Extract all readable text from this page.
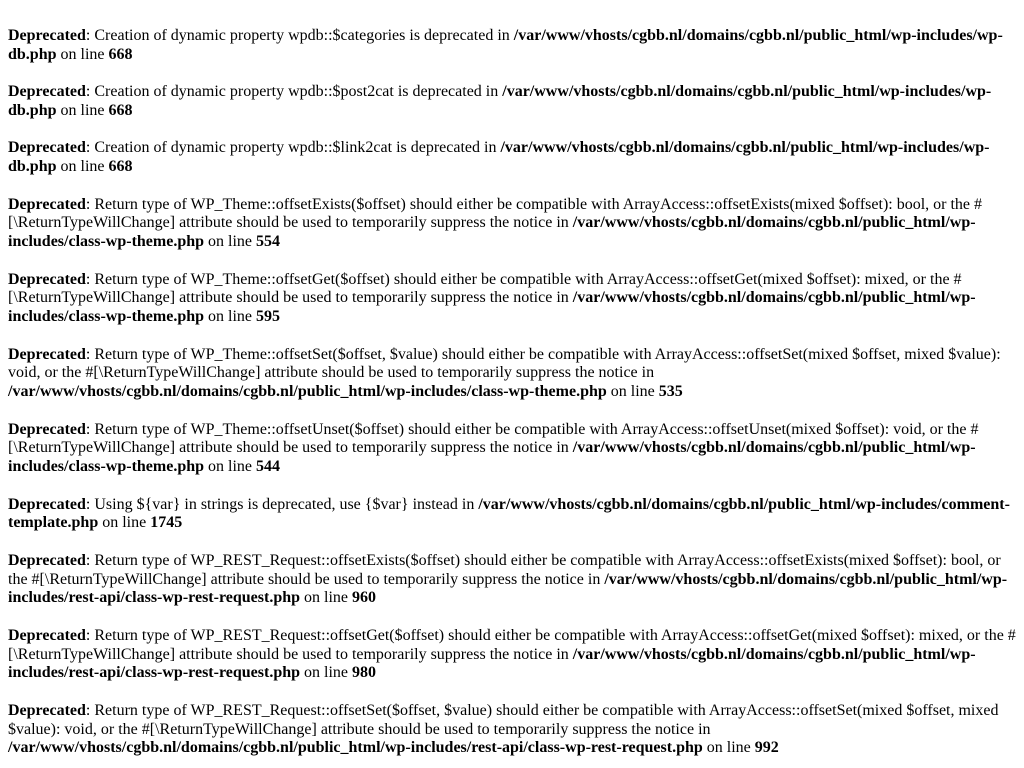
Deprecated: Creation of dynamic property wpdb::$categories is deprecated in /var/www/vhosts/cgbb.nl/domains/cgbb.nl/public_html/wp-includes/wp-db.php on line 668
Deprecated: Creation of dynamic property wpdb::$post2cat is deprecated in /var/www/vhosts/cgbb.nl/domains/cgbb.nl/public_html/wp-includes/wp-db.php on line 668
Deprecated: Creation of dynamic property wpdb::$link2cat is deprecated in /var/www/vhosts/cgbb.nl/domains/cgbb.nl/public_html/wp-includes/wp-db.php on line 668
Deprecated: Return type of WP_Theme::offsetExists($offset) should either be compatible with ArrayAccess::offsetExists(mixed $offset): bool, or the #[\ReturnTypeWillChange] attribute should be used to temporarily suppress the notice in /var/www/vhosts/cgbb.nl/domains/cgbb.nl/public_html/wp-includes/class-wp-theme.php on line 554
Deprecated: Return type of WP_Theme::offsetGet($offset) should either be compatible with ArrayAccess::offsetGet(mixed $offset): mixed, or the #[\ReturnTypeWillChange] attribute should be used to temporarily suppress the notice in /var/www/vhosts/cgbb.nl/domains/cgbb.nl/public_html/wp-includes/class-wp-theme.php on line 595
Deprecated: Return type of WP_Theme::offsetSet($offset, $value) should either be compatible with ArrayAccess::offsetSet(mixed $offset, mixed $value): void, or the #[\ReturnTypeWillChange] attribute should be used to temporarily suppress the notice in /var/www/vhosts/cgbb.nl/domains/cgbb.nl/public_html/wp-includes/class-wp-theme.php on line 535
Deprecated: Return type of WP_Theme::offsetUnset($offset) should either be compatible with ArrayAccess::offsetUnset(mixed $offset): void, or the #[\ReturnTypeWillChange] attribute should be used to temporarily suppress the notice in /var/www/vhosts/cgbb.nl/domains/cgbb.nl/public_html/wp-includes/class-wp-theme.php on line 544
Deprecated: Using ${var} in strings is deprecated, use {$var} instead in /var/www/vhosts/cgbb.nl/domains/cgbb.nl/public_html/wp-includes/comment-template.php on line 1745
Deprecated: Return type of WP_REST_Request::offsetExists($offset) should either be compatible with ArrayAccess::offsetExists(mixed $offset): bool, or the #[\ReturnTypeWillChange] attribute should be used to temporarily suppress the notice in /var/www/vhosts/cgbb.nl/domains/cgbb.nl/public_html/wp-includes/rest-api/class-wp-rest-request.php on line 960
Deprecated: Return type of WP_REST_Request::offsetGet($offset) should either be compatible with ArrayAccess::offsetGet(mixed $offset): mixed, or the #[\ReturnTypeWillChange] attribute should be used to temporarily suppress the notice in /var/www/vhosts/cgbb.nl/domains/cgbb.nl/public_html/wp-includes/rest-api/class-wp-rest-request.php on line 980
Deprecated: Return type of WP_REST_Request::offsetSet($offset, $value) should either be compatible with ArrayAccess::offsetSet(mixed $offset, mixed $value): void, or the #[\ReturnTypeWillChange] attribute should be used to temporarily suppress the notice in /var/www/vhosts/cgbb.nl/domains/cgbb.nl/public_html/wp-includes/rest-api/class-wp-rest-request.php on line 992
